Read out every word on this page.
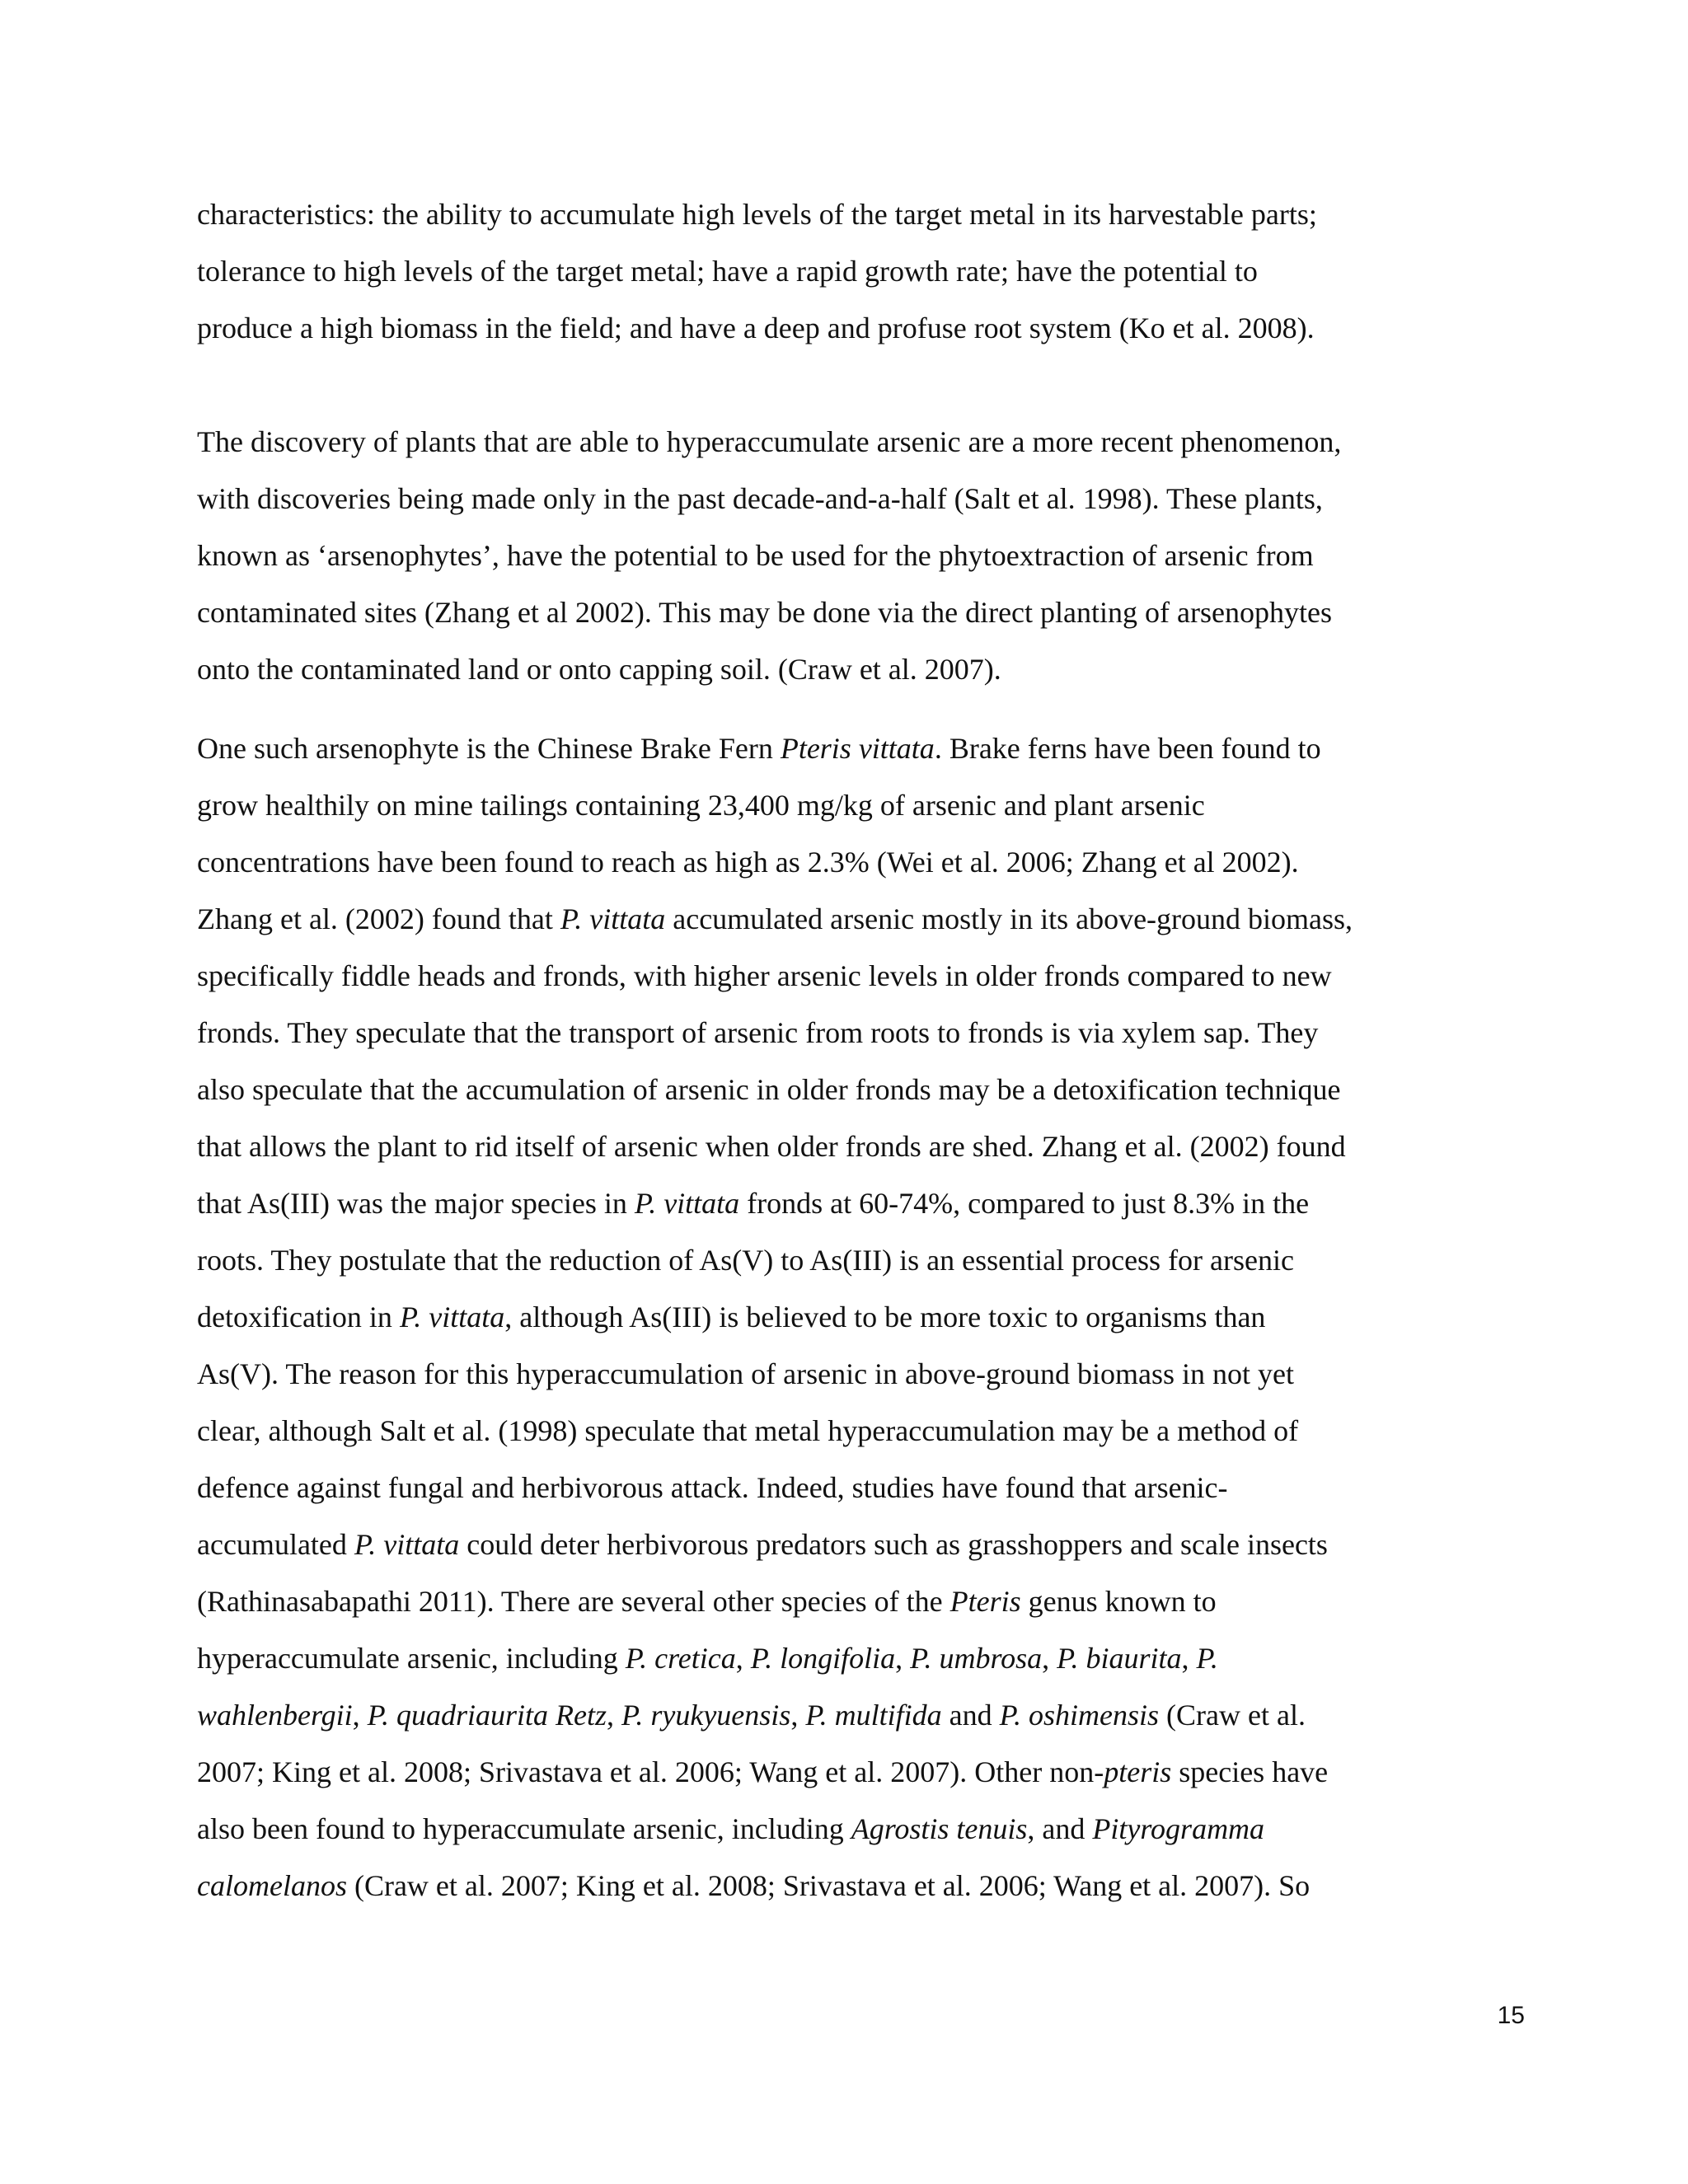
characteristics: the ability to accumulate high levels of the target metal in its harvestable parts;
tolerance to high levels of the target metal; have a rapid growth rate; have the potential to
produce a high biomass in the field; and have a deep and profuse root system (Ko et al. 2008).
The discovery of plants that are able to hyperaccumulate arsenic are a more recent phenomenon,
with discoveries being made only in the past decade-and-a-half (Salt et al. 1998). These plants,
known as ‘arsenophytes’, have the potential to be used for the phytoextraction of arsenic from
contaminated sites (Zhang et al 2002). This may be done via the direct planting of arsenophytes
onto the contaminated land or onto capping soil. (Craw et al. 2007).
One such arsenophyte is the Chinese Brake Fern Pteris vittata. Brake ferns have been found to
grow healthily on mine tailings containing 23,400 mg/kg of arsenic and plant arsenic
concentrations have been found to reach as high as 2.3% (Wei et al. 2006; Zhang et al 2002).
Zhang et al. (2002) found that P. vittata accumulated arsenic mostly in its above-ground biomass,
specifically fiddle heads and fronds, with higher arsenic levels in older fronds compared to new
fronds. They speculate that the transport of arsenic from roots to fronds is via xylem sap. They
also speculate that the accumulation of arsenic in older fronds may be a detoxification technique
that allows the plant to rid itself of arsenic when older fronds are shed. Zhang et al. (2002) found
that As(III) was the major species in P. vittata fronds at 60-74%, compared to just 8.3% in the
roots. They postulate that the reduction of As(V) to As(III) is an essential process for arsenic
detoxification in P. vittata, although As(III) is believed to be more toxic to organisms than
As(V). The reason for this hyperaccumulation of arsenic in above-ground biomass in not yet
clear, although Salt et al. (1998) speculate that metal hyperaccumulation may be a method of
defence against fungal and herbivorous attack. Indeed, studies have found that arsenic-
accumulated P. vittata could deter herbivorous predators such as grasshoppers and scale insects
(Rathinasabapathi 2011). There are several other species of the Pteris genus known to
hyperaccumulate arsenic, including P. cretica, P. longifolia, P. umbrosa, P. biaurita, P.
wahlenbergii, P. quadriaurita Retz, P. ryukyuensis, P. multifida and P. oshimensis (Craw et al.
2007; King et al. 2008; Srivastava et al. 2006; Wang et al. 2007). Other non-pteris species have
also been found to hyperaccumulate arsenic, including Agrostis tenuis, and Pityrogramma
calomelanos (Craw et al. 2007; King et al. 2008; Srivastava et al. 2006; Wang et al. 2007). So
15
